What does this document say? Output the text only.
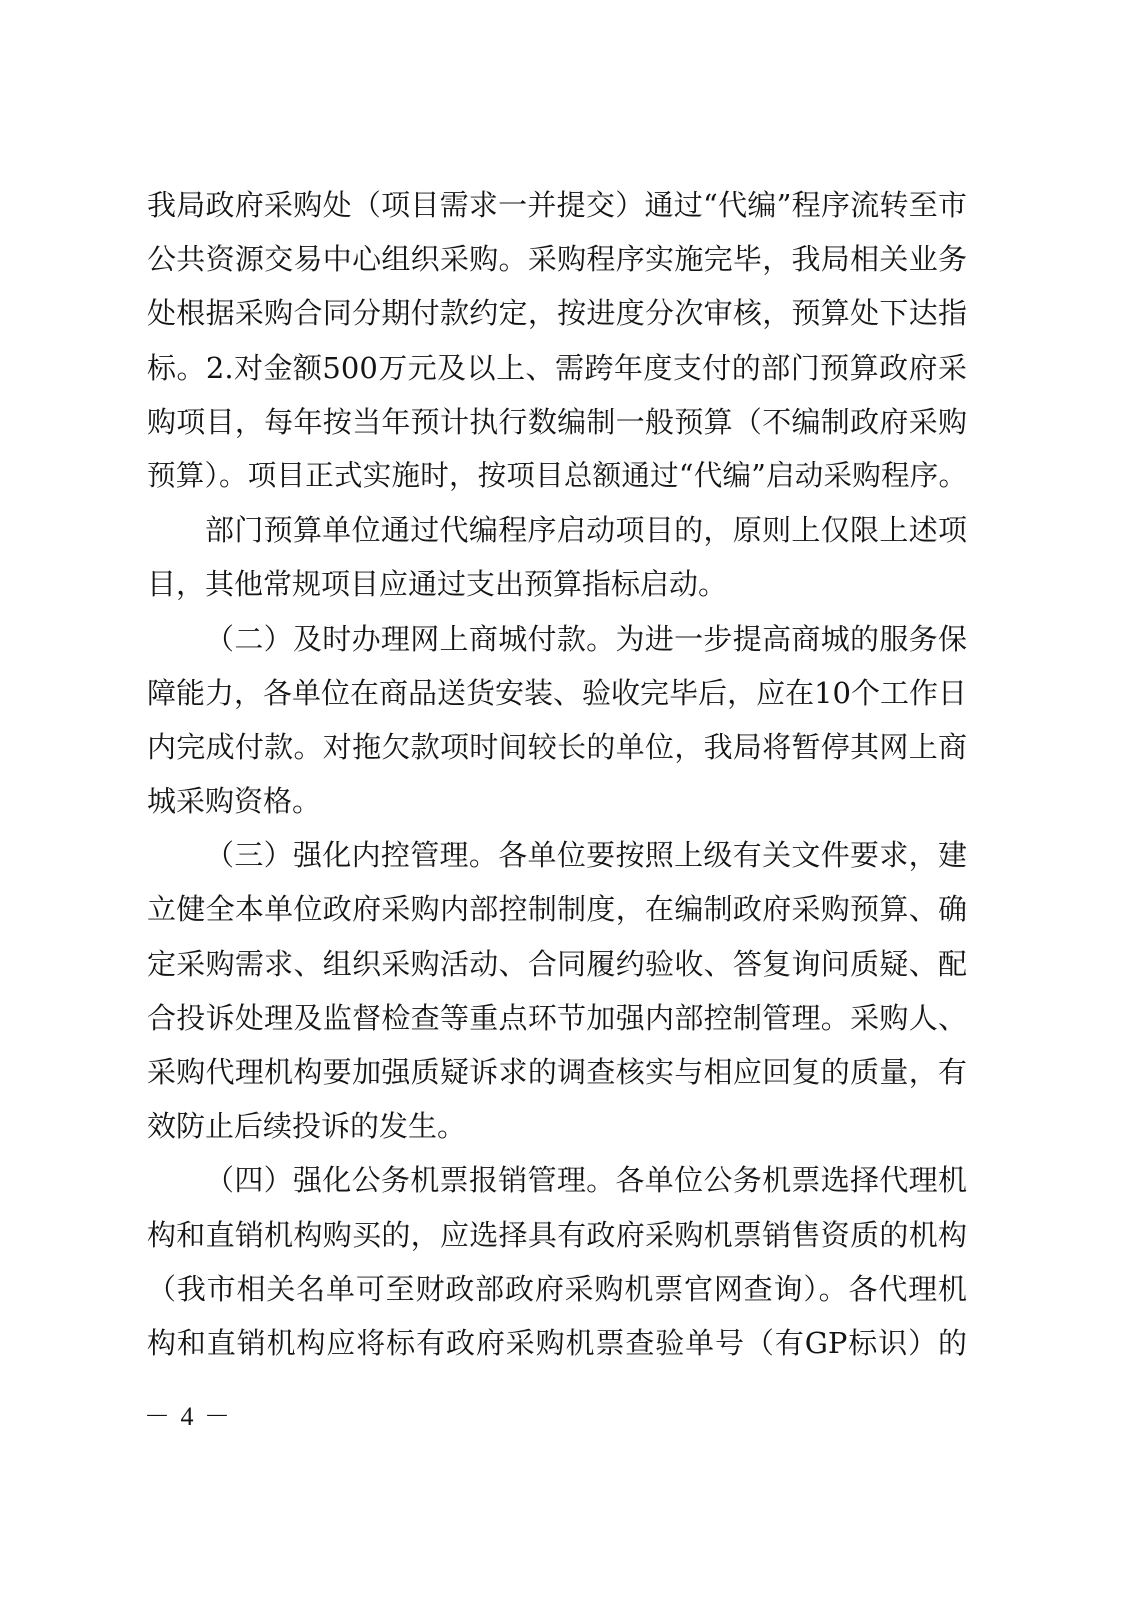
我局政府采购处（项目需求一并提交）通过“代编”程序流转至市
公共资源交易中心组织采购。采购程序实施完毕，我局相关业务
处根据采购合同分期付款约定，按进度分次审核，预算处下达指
标。2.对金额500万元及以上、需跨年度支付的部门预算政府采
购项目，每年按当年预计执行数编制一般预算（不编制政府采购
预算）。项目正式实施时，按项目总额通过“代编”启动采购程序。
部门预算单位通过代编程序启动项目的，原则上仅限上述项
目，其他常规项目应通过支出预算指标启动。
（二）及时办理网上商城付款。为进一步提高商城的服务保
障能力，各单位在商品送货安装、验收完毕后，应在10个工作日
内完成付款。对拖欠款项时间较长的单位，我局将暂停其网上商
城采购资格。
（三）强化内控管理。各单位要按照上级有关文件要求，建
立健全本单位政府采购内部控制制度，在编制政府采购预算、确
定采购需求、组织采购活动、合同履约验收、答复询问质疑、配
合投诉处理及监督检查等重点环节加强内部控制管理。采购人、
采购代理机构要加强质疑诉求的调查核实与相应回复的质量，有
效防止后续投诉的发生。
（四）强化公务机票报销管理。各单位公务机票选择代理机
构和直销机构购买的，应选择具有政府采购机票销售资质的机构
（我市相关名单可至财政部政府采购机票官网查询）。各代理机
构和直销机构应将标有政府采购机票查验单号（有GP标识）的
－ 4 －
